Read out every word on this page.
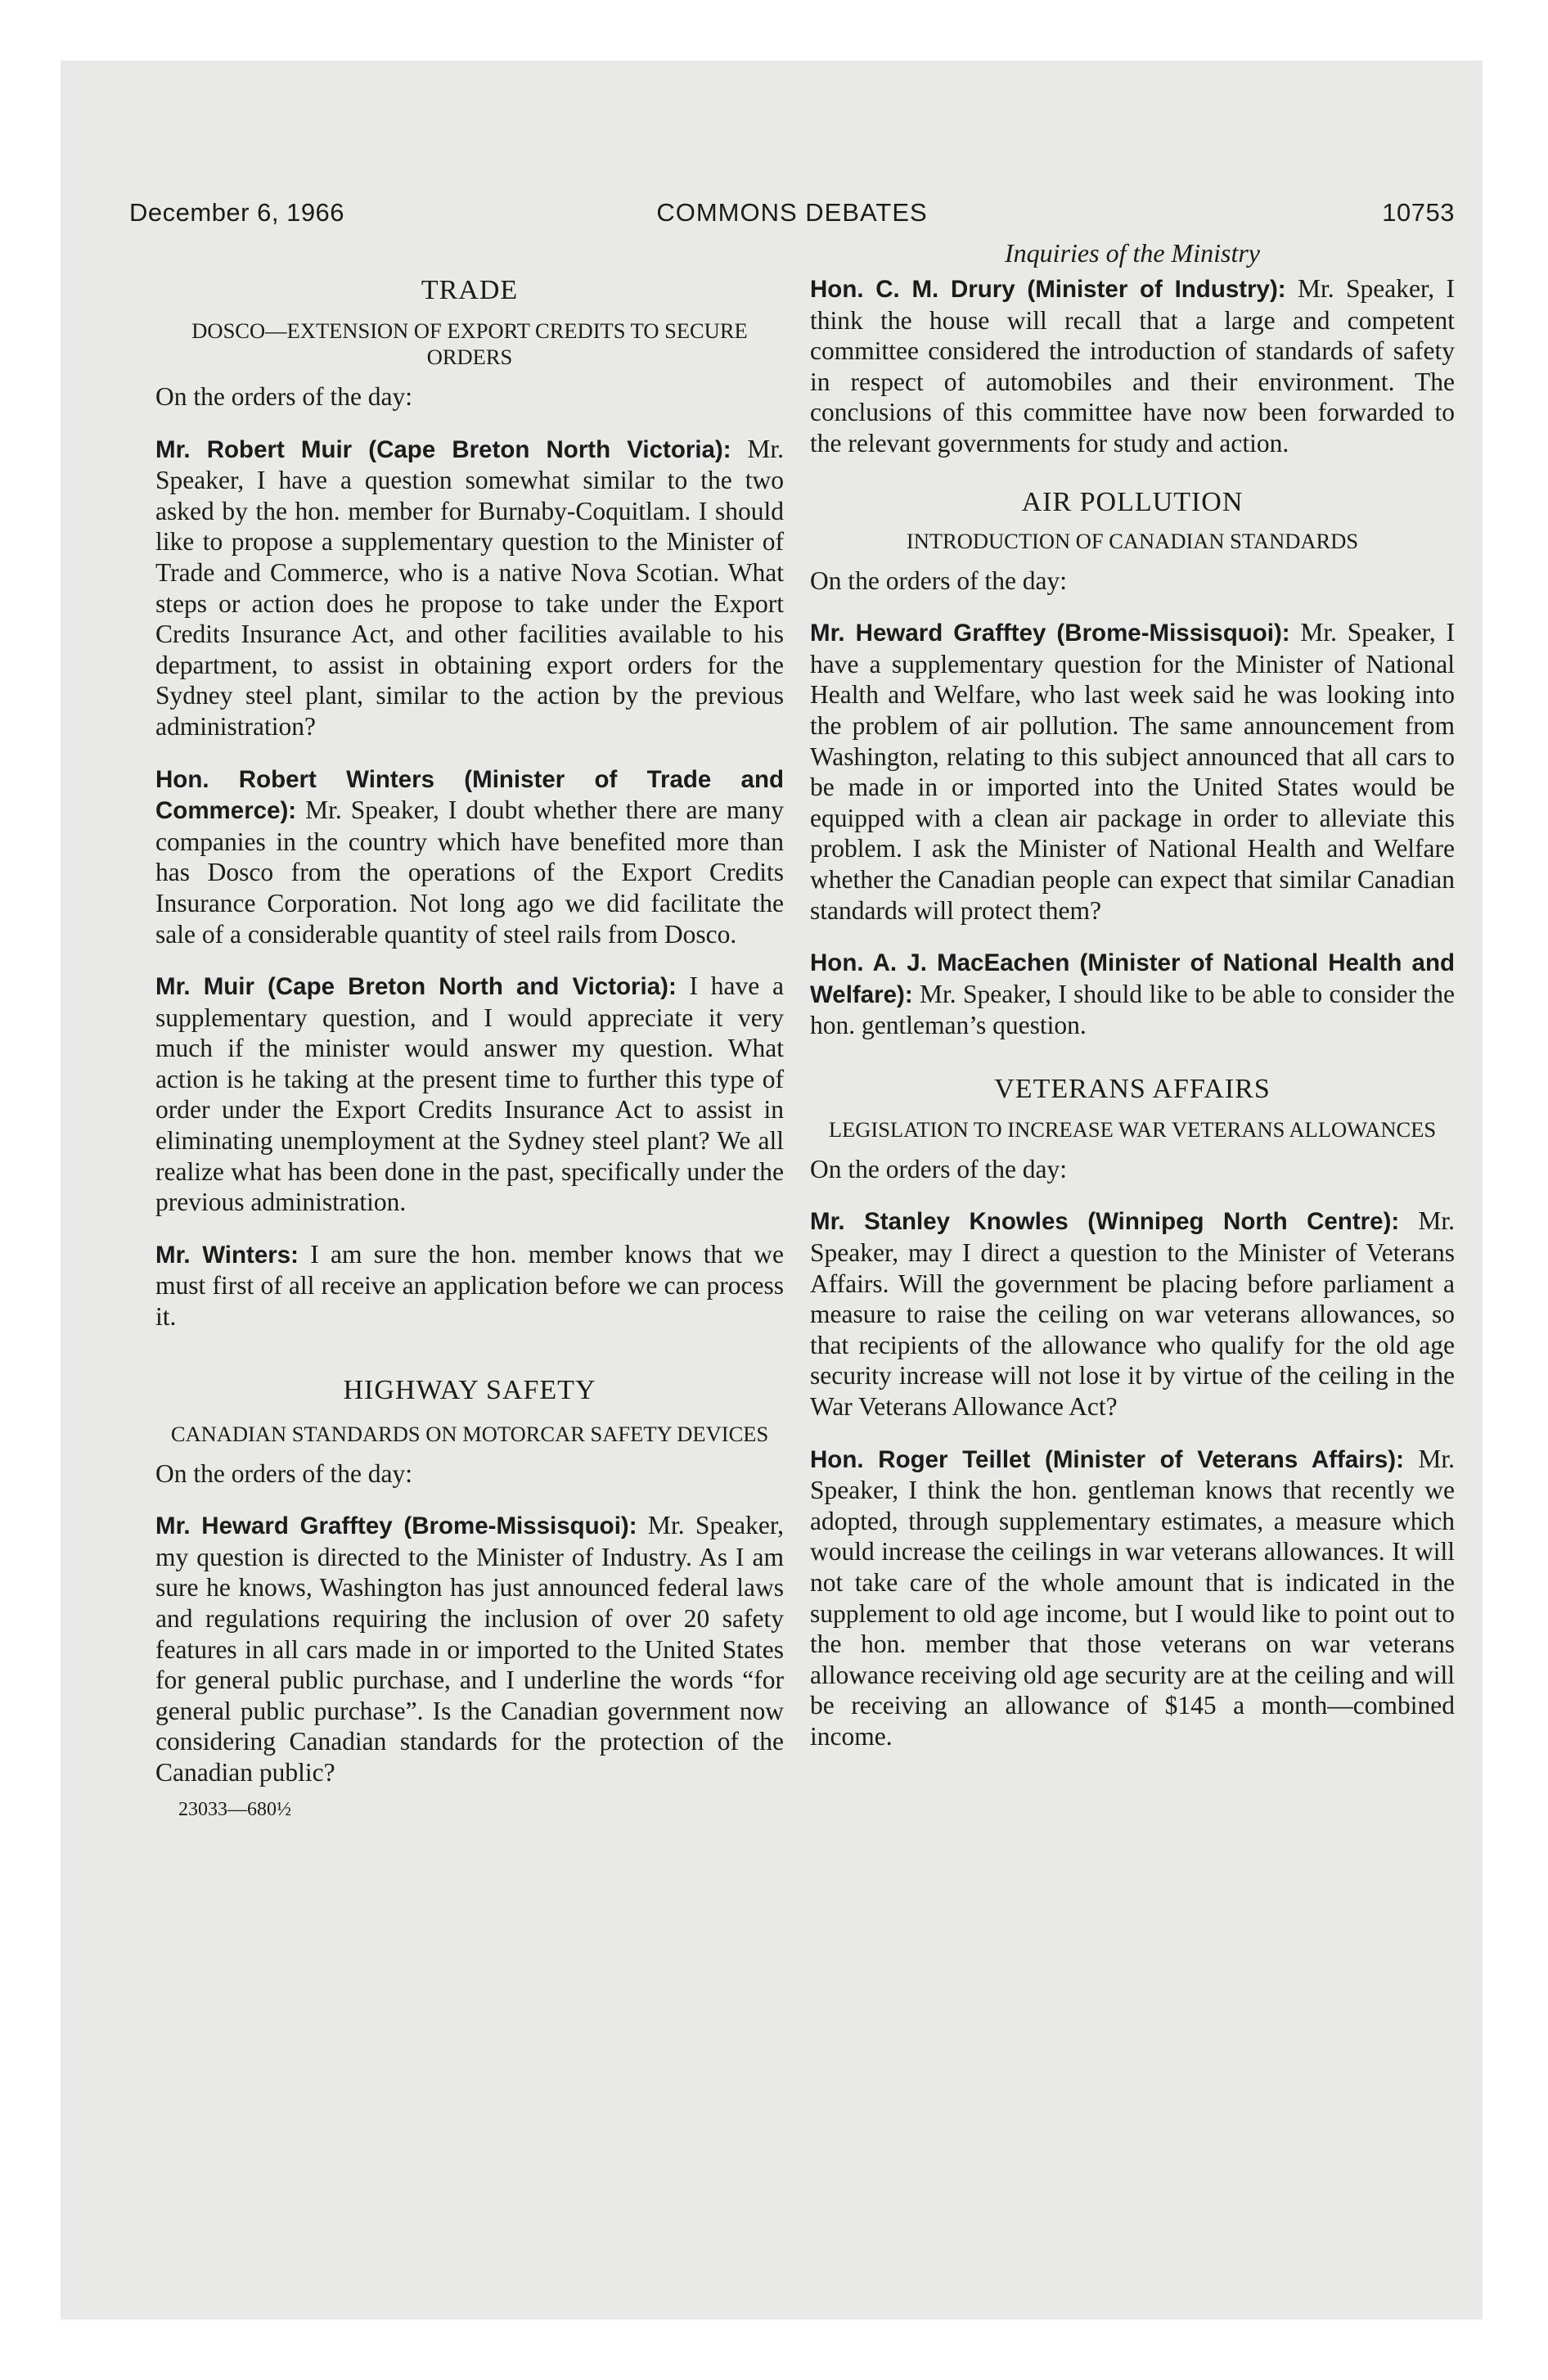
December 6, 1966	COMMONS DEBATES	10753
TRADE
DOSCO—EXTENSION OF EXPORT CREDITS TO SECURE ORDERS

On the orders of the day:

Mr. Robert Muir (Cape Breton North Victoria): Mr. Speaker, I have a question somewhat similar to the two asked by the hon. member for Burnaby-Coquitlam. I should like to propose a supplementary question to the Minister of Trade and Commerce, who is a native Nova Scotian. What steps or action does he propose to take under the Export Credits Insurance Act, and other facilities available to his department, to assist in obtaining export orders for the Sydney steel plant, similar to the action by the previous administration?

Hon. Robert Winters (Minister of Trade and Commerce): Mr. Speaker, I doubt whether there are many companies in the country which have benefited more than has Dosco from the operations of the Export Credits Insurance Corporation. Not long ago we did facilitate the sale of a considerable quantity of steel rails from Dosco.

Mr. Muir (Cape Breton North and Victoria): I have a supplementary question, and I would appreciate it very much if the minister would answer my question. What action is he taking at the present time to further this type of order under the Export Credits Insurance Act to assist in eliminating unemployment at the Sydney steel plant? We all realize what has been done in the past, specifically under the previous administration.

Mr. Winters: I am sure the hon. member knows that we must first of all receive an application before we can process it.

HIGHWAY SAFETY
CANADIAN STANDARDS ON MOTORCAR SAFETY DEVICES

On the orders of the day:

Mr. Heward Grafftey (Brome-Missisquoi): Mr. Speaker, my question is directed to the Minister of Industry. As I am sure he knows, Washington has just announced federal laws and regulations requiring the inclusion of over 20 safety features in all cars made in or imported to the United States for general public purchase, and I underline the words “for general public purchase”. Is the Canadian government now considering Canadian standards for the protection of the Canadian public?

23033—680½

Inquiries of the Ministry

Hon. C. M. Drury (Minister of Industry): Mr. Speaker, I think the house will recall that a large and competent committee considered the introduction of standards of safety in respect of automobiles and their environment. The conclusions of this committee have now been forwarded to the relevant governments for study and action.

AIR POLLUTION
INTRODUCTION OF CANADIAN STANDARDS

On the orders of the day:

Mr. Heward Grafftey (Brome-Missisquoi): Mr. Speaker, I have a supplementary question for the Minister of National Health and Welfare, who last week said he was looking into the problem of air pollution. The same announcement from Washington, relating to this subject announced that all cars to be made in or imported into the United States would be equipped with a clean air package in order to alleviate this problem. I ask the Minister of National Health and Welfare whether the Canadian people can expect that similar Canadian standards will protect them?

Hon. A. J. MacEachen (Minister of National Health and Welfare): Mr. Speaker, I should like to be able to consider the hon. gentleman’s question.

VETERANS AFFAIRS
LEGISLATION TO INCREASE WAR VETERANS ALLOWANCES

On the orders of the day:

Mr. Stanley Knowles (Winnipeg North Centre): Mr. Speaker, may I direct a question to the Minister of Veterans Affairs. Will the government be placing before parliament a measure to raise the ceiling on war veterans allowances, so that recipients of the allowance who qualify for the old age security increase will not lose it by virtue of the ceiling in the War Veterans Allowance Act?

Hon. Roger Teillet (Minister of Veterans Affairs): Mr. Speaker, I think the hon. gentleman knows that recently we adopted, through supplementary estimates, a measure which would increase the ceilings in war veterans allowances. It will not take care of the whole amount that is indicated in the supplement to old age income, but I would like to point out to the hon. member that those veterans on war veterans allowance receiving old age security are at the ceiling and will be receiving an allowance of $145 a month—combined income.
